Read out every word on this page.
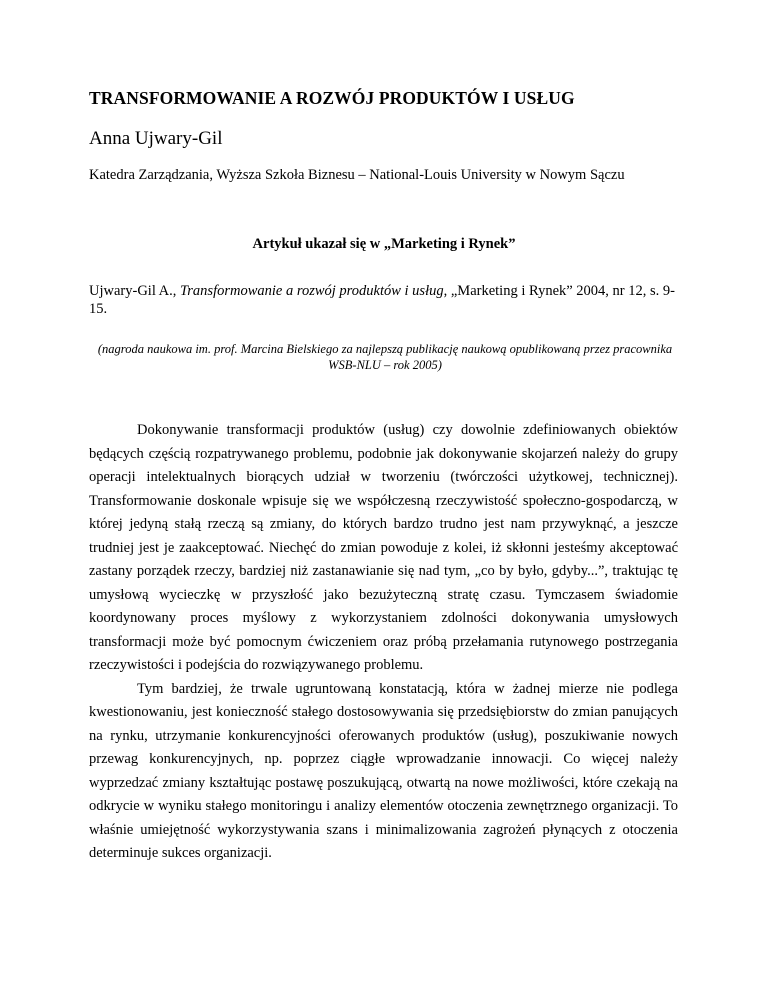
TRANSFORMOWANIE A ROZWÓJ PRODUKTÓW I USŁUG
Anna Ujwary-Gil
Katedra Zarządzania, Wyższa Szkoła Biznesu – National-Louis University w Nowym Sączu
Artykuł ukazał się w „Marketing i Rynek”
Ujwary-Gil A., Transformowanie a rozwój produktów i usług, „Marketing i Rynek” 2004, nr 12, s. 9-15.
(nagroda naukowa im. prof. Marcina Bielskiego za najlepszą publikację naukową opublikowaną przez pracownika WSB-NLU – rok 2005)

Dokonywanie transformacji produktów (usług) czy dowolnie zdefiniowanych obiektów będących częścią rozpatrywanego problemu, podobnie jak dokonywanie skojarzeń należy do grupy operacji intelektualnych biorących udział w tworzeniu (twórczości użytkowej, technicznej). Transformowanie doskonale wpisuje się we współczesną rzeczywistość społeczno-gospodarczą, w której jedyną stałą rzeczą są zmiany, do których bardzo trudno jest nam przywyknąć, a jeszcze trudniej jest je zaakceptować. Niechęć do zmian powoduje z kolei, iż skłonni jesteśmy akceptować zastany porządek rzeczy, bardziej niż zastanawianie się nad tym, „co by było, gdyby...”, traktując tę umysłową wycieczkę w przyszłość jako bezużyteczną stratę czasu. Tymczasem świadomie koordynowany proces myślowy z wykorzystaniem zdolności dokonywania umysłowych transformacji może być pomocnym ćwiczeniem oraz próbą przełamania rutynowego postrzegania rzeczywistości i podejścia do rozwiązywanego problemu.

Tym bardziej, że trwale ugruntowaną konstatacją, która w żadnej mierze nie podlega kwestionowaniu, jest konieczność stałego dostosowywania się przedsiębiorstw do zmian panujących na rynku, utrzymanie konkurencyjności oferowanych produktów (usług), poszukiwanie nowych przewag konkurencyjnych, np. poprzez ciągłe wprowadzanie innowacji. Co więcej należy wyprzedzać zmiany kształtując postawę poszukującą, otwartą na nowe możliwości, które czekają na odkrycie w wyniku stałego monitoringu i analizy elementów otoczenia zewnętrznego organizacji. To właśnie umiejętność wykorzystywania szans i minimalizowania zagrożeń płynących z otoczenia determinuje sukces organizacji.
